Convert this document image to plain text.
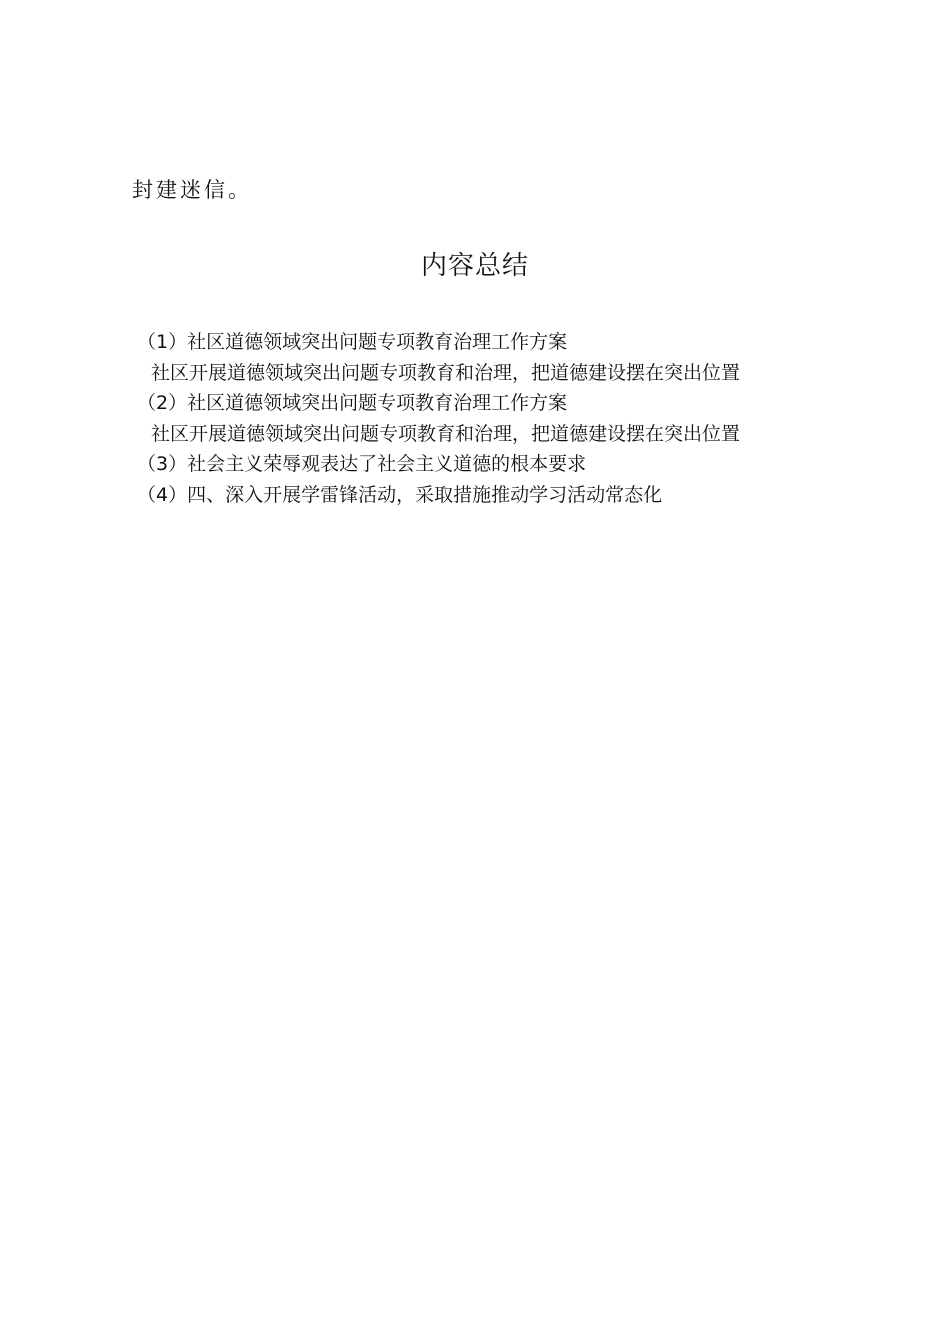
封建迷信。
内容总结
（1）社区道德领域突出问题专项教育治理工作方案
社区开展道德领域突出问题专项教育和治理，把道德建设摆在突出位置
（2）社区道德领域突出问题专项教育治理工作方案
社区开展道德领域突出问题专项教育和治理，把道德建设摆在突出位置
（3）社会主义荣辱观表达了社会主义道德的根本要求
（4）四、深入开展学雷锋活动，采取措施推动学习活动常态化
